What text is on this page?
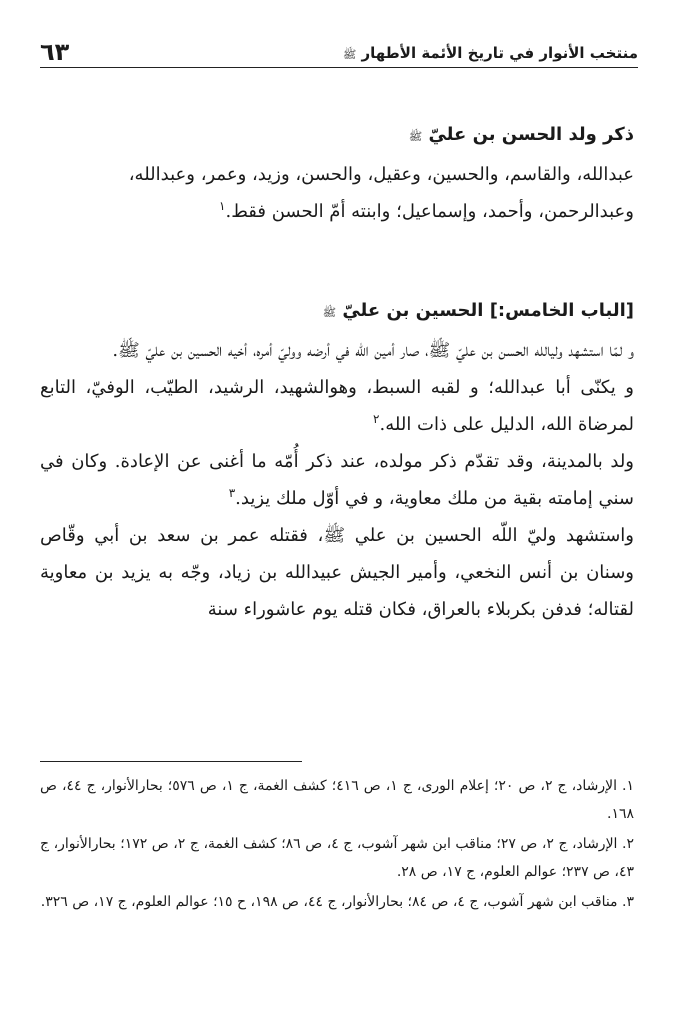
منتخب الأنوار في تاريخ الأئمة الأطهار ﷺ
٦٣
ذكر ولد الحسن بن عليّ ﷺ

عبدالله، والقاسم، والحسين، وعقيل، والحسن، وزيد، وعمر، وعبدالله،

وعبدالرحمن، وأحمد، وإسماعيل؛ وابنته أمّ الحسن فقط.$^١$

[الباب الخامس:] الحسين بن عليّ ﷺ

و لمّا استشهد وليالله الحسن بن عليّ ﷺ، صار أمين الله في أرضه ووليّ أمره، أخيه الحسين بن عليّ ﷺ.

و يكنّى أبا عبدالله؛ و لقبه السبط، وهوالشهيد، الرشيد، الطيّب، الوفيّ، التابع لمرضاة الله، الدليل على ذات الله.$^٢$

ولد بالمدينة، وقد تقدّم ذكر مولده، عند ذكر أُمّه ما أغنى عن الإعادة. وكان في سني إمامته بقية من ملك معاوية، و في أوّل ملك يزيد.$^٣$

واستشهد وليّ اللّه الحسين بن علي ﷺ، فقتله عمر بن سعد بن أبي وقّاص وسنان بن أنس النخعي، وأمير الجيش عبيدالله بن زياد، وجّه به يزيد بن معاوية لقتاله؛ فدفن بكربلاء بالعراق، فكان قتله يوم عاشوراء سنة

١. الإرشاد، ج ٢، ص ٢٠؛ إعلام الورى، ج ١، ص ٤١٦؛ كشف الغمة، ج ١، ص ٥٧٦؛ بحارالأنوار، ج ٤٤، ص ١٦٨.

٢. الإرشاد، ج ٢، ص ٢٧؛ مناقب ابن شهر آشوب، ج ٤، ص ٨٦؛ كشف الغمة، ج ٢، ص ١٧٢؛ بحارالأنوار، ج ٤٣، ص ٢٣٧؛ عوالم العلوم، ج ١٧، ص ٢٨.

٣. مناقب ابن شهر آشوب، ج ٤، ص ٨٤؛ بحارالأنوار، ج ٤٤، ص ١٩٨، ح ١٥؛ عوالم العلوم، ج ١٧، ص ٣٢٦.
